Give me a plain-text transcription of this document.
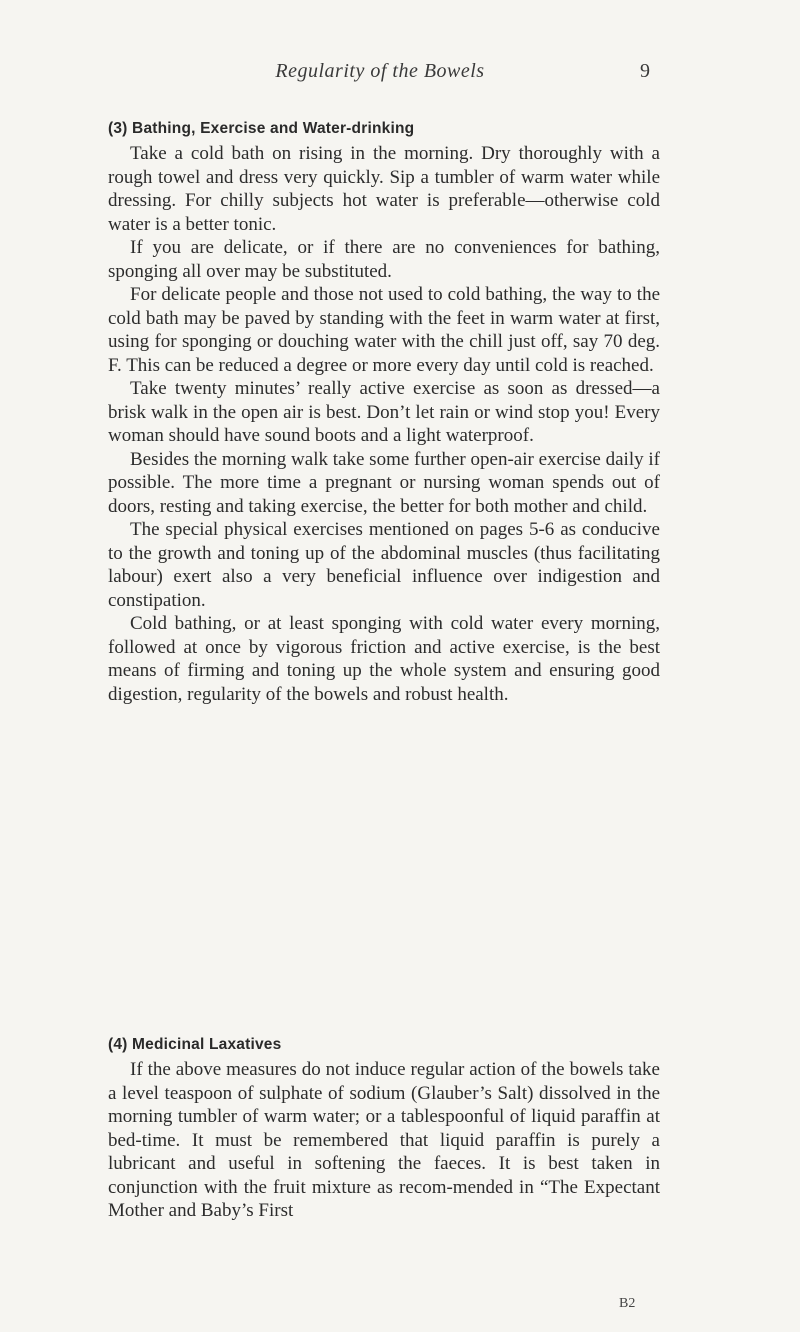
Regularity of the Bowels	9
(3) Bathing, Exercise and Water-drinking

Take a cold bath on rising in the morning. Dry thoroughly with a rough towel and dress very quickly. Sip a tumbler of warm water while dressing. For chilly subjects hot water is preferable—otherwise cold water is a better tonic.

If you are delicate, or if there are no conveniences for bathing, sponging all over may be substituted.

For delicate people and those not used to cold bathing, the way to the cold bath may be paved by standing with the feet in warm water at first, using for sponging or douching water with the chill just off, say 70 deg. F. This can be reduced a degree or more every day until cold is reached.

Take twenty minutes’ really active exercise as soon as dressed—a brisk walk in the open air is best. Don’t let rain or wind stop you! Every woman should have sound boots and a light waterproof.

Besides the morning walk take some further open-air exercise daily if possible. The more time a pregnant or nursing woman spends out of doors, resting and taking exercise, the better for both mother and child.

The special physical exercises mentioned on pages 5-6 as conducive to the growth and toning up of the abdominal muscles (thus facilitating labour) exert also a very beneficial influence over indigestion and constipation.

Cold bathing, or at least sponging with cold water every morning, followed at once by vigorous friction and active exercise, is the best means of firming and toning up the whole system and ensuring good digestion, regularity of the bowels and robust health.

(4) Medicinal Laxatives

If the above measures do not induce regular action of the bowels take a level teaspoon of sulphate of sodium (Glauber’s Salt) dissolved in the morning tumbler of warm water; or a tablespoonful of liquid paraffin at bed-time. It must be remembered that liquid paraffin is purely a lubricant and useful in softening the faeces. It is best taken in conjunction with the fruit mixture as recom-mended in “The Expectant Mother and Baby’s First

B2
